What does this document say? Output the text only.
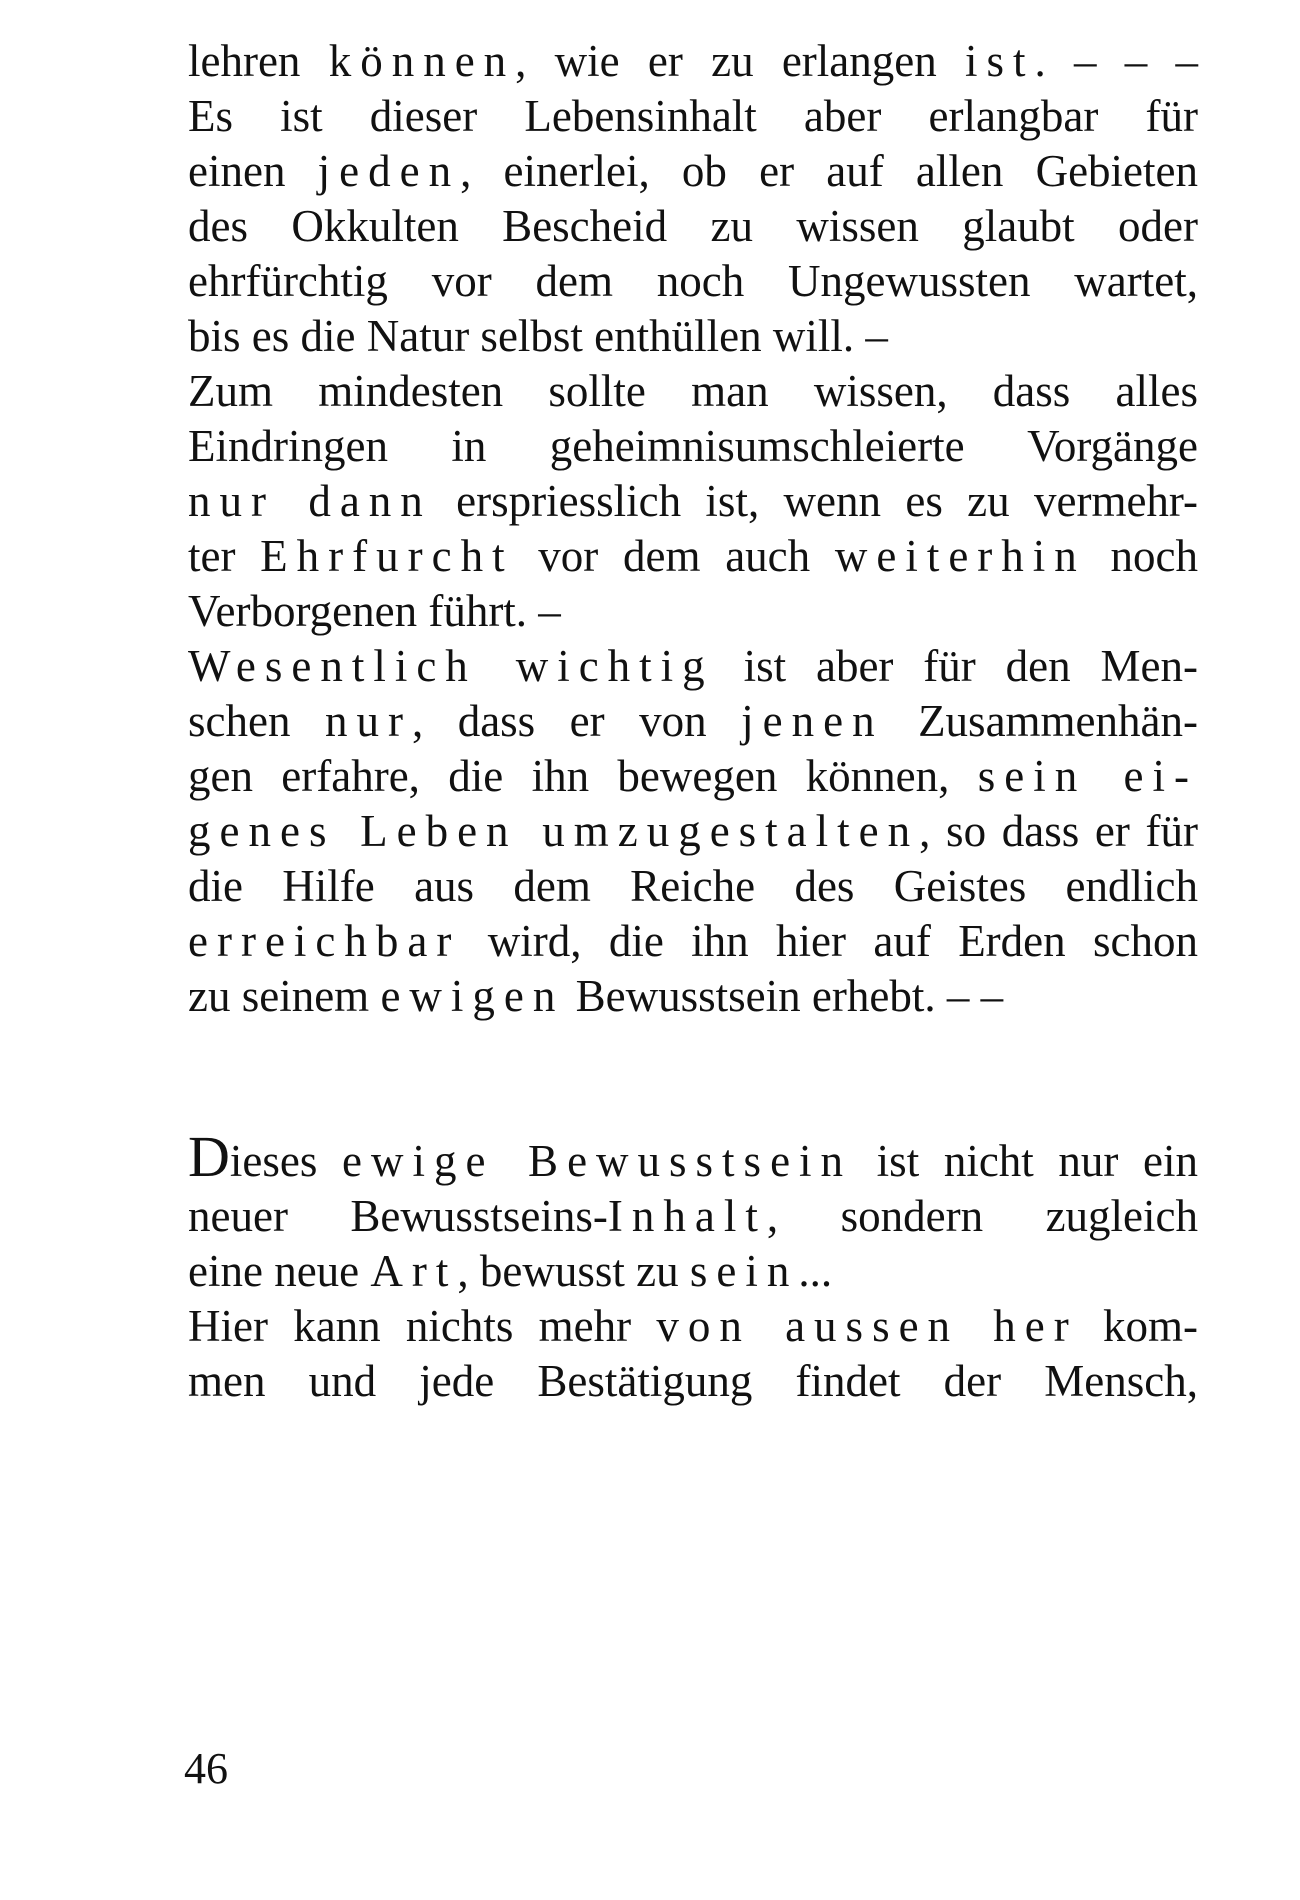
lehren können, wie er zu erlangen ist. – – –
Es ist dieser Lebensinhalt aber erlangbar für
einen jeden, einerlei, ob er auf allen Gebieten
des Okkulten Bescheid zu wissen glaubt oder
ehrfürchtig vor dem noch Ungewussten wartet,
bis es die Natur selbst enthüllen will. –
Zum mindesten sollte man wissen, dass alles
Eindringen in geheimnisumschleierte Vorgänge
nur dann erspriesslich ist, wenn es zu vermehr-
ter Ehrfurcht vor dem auch weiterhin noch
Verborgenen führt. –
Wesentlich wichtig ist aber für den Men-
schen nur, dass er von jenen Zusammenhän-
gen erfahre, die ihn bewegen können, sein ei-
genes Leben umzugestalten, so dass er für
die Hilfe aus dem Reiche des Geistes endlich
erreichbar wird, die ihn hier auf Erden schon
zu seinem ewigen Bewusstsein erhebt. – –
Dieses ewige Bewusstsein ist nicht nur ein
neuer Bewusstseins-Inhalt, sondern zugleich
eine neue Art, bewusst zu sein...
Hier kann nichts mehr von aussen her kom-
men und jede Bestätigung findet der Mensch,
46
